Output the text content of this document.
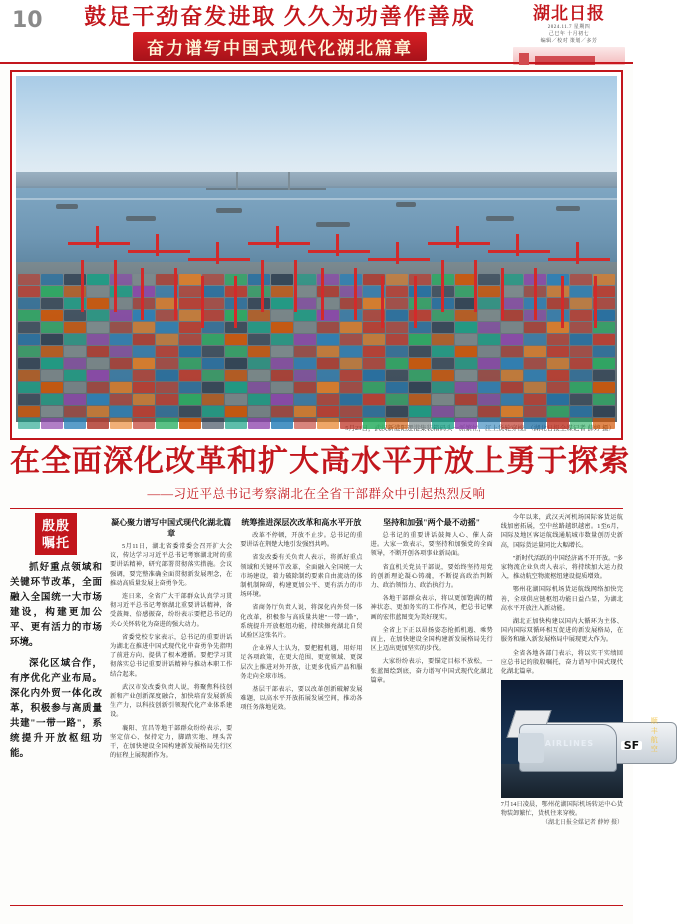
10	鼓足干劲奋发进取 久久为功善作善成
奋力谱写中国式现代化湖北篇章
湖北日报
2024.11.7 星期四
己巳年 十月初七
编辑／校对 策划／多芳
在全面深化改革和扩大高水平开放上勇于探索
——习近平总书记考察湖北在全省干部群众中引起热烈反响
殷殷
嘱托

抓好重点领域和关键环节改革，全面融入全国统一大市场建设，构建更加公平、更有活力的市场环境。

深化区域合作，有序优化产业布局。深化内外贸一体化改革，积极参与高质量共建"一带一路"，系统提升开放枢纽功能。

凝心聚力谱写中国式现代化湖北篇章

5月11日，湖北省委常委会召开扩大会议，传达学习习近平总书记考察湖北时的重要讲话精神，研究部署贯彻落实措施。会议强调，要完整准确全面贯彻新发展理念，在推动高质量发展上奋勇争先。

连日来，全省广大干部群众认真学习贯彻习近平总书记考察湖北重要讲话精神，备受鼓舞、倍感振奋，纷纷表示要把总书记的关心关怀转化为奋进的强大动力。

省委党校专家表示，总书记的重要讲话为湖北在推进中国式现代化中奋勇争先指明了前进方向、提供了根本遵循。要把学习贯彻落实总书记重要讲话精神与推动本职工作结合起来。

武汉市发改委负责人说，将聚焦科技创新和产业创新深度融合，加快培育发展新质生产力，以科技创新引领现代化产业体系建设。

襄阳、宜昌等地干部群众纷纷表示，要坚定信心、保持定力，脚踏实地、埋头苦干，在加快建设全国构建新发展格局先行区的征程上展现新作为。

统筹推进深层次改革和高水平开放

改革不停顿，开放不止步。总书记的重要讲话在荆楚大地引发强烈共鸣。

省发改委有关负责人表示，将抓好重点领域和关键环节改革，全面融入全国统一大市场建设，着力破除制约要素自由流动的体制机制障碍，构建更加公平、更有活力的市场环境。

省商务厅负责人说，将深化内外贸一体化改革，积极参与高质量共建"一带一路"，系统提升开放枢纽功能，持续擦亮湖北自贸试验区这张名片。

企业界人士认为，要把握机遇，用好用足各项政策，在更大范围、更宽领域、更深层次上推进对外开放，让更多优质产品和服务走向全球市场。

基层干部表示，要以改革创新破解发展难题，以高水平开放拓展发展空间，推动各项任务落地见效。

坚持和加强"两个最不动摇"

总书记的重要讲话鼓舞人心、催人奋进。大家一致表示，要坚持和加强党的全面领导，不断开创各项事业新局面。

省直机关党员干部说，要始终坚持用党的创新理论凝心铸魂，不断提高政治判断力、政治领悟力、政治执行力。

各地干部群众表示，将以更加饱满的精神状态、更加务实的工作作风，把总书记擘画的宏伟蓝图变为美好现实。

全省上下正以昂扬姿态抢抓机遇、乘势而上，在加快建设全国构建新发展格局先行区上迈出更加坚实的步伐。

大家纷纷表示，要锚定目标不放松，一张蓝图绘到底，奋力谱写中国式现代化湖北篇章。

今年以来，武汉天河机场国际客货运航线加密拓展，空中丝路越织越密。1至6月，国际及地区客运航线通航城市数量创历史新高，国际货运量同比大幅增长。

"新时代活跃的中国经济离不开开放。"多家物流企业负责人表示，将持续加大运力投入，推动航空物流枢纽建设提质增效。

鄂州花湖国际机场货运航线网络加快完善，全球供应链枢纽功能日益凸显，为湖北高水平开放注入新动能。

湖北正加快构建以国内大循环为主体、国内国际双循环相互促进的新发展格局，在服务和融入新发展格局中展现更大作为。

全省各地各部门表示，将以实干实绩回应总书记的殷殷嘱托，奋力谱写中国式现代化湖北篇章。

AIRLINES	SF
顺丰航空
7月14日凌晨，鄂州花湖国际机场转运中心货物装卸繁忙，货机往来穿梭。
（湖北日报全媒记者 薛婷 摄）
